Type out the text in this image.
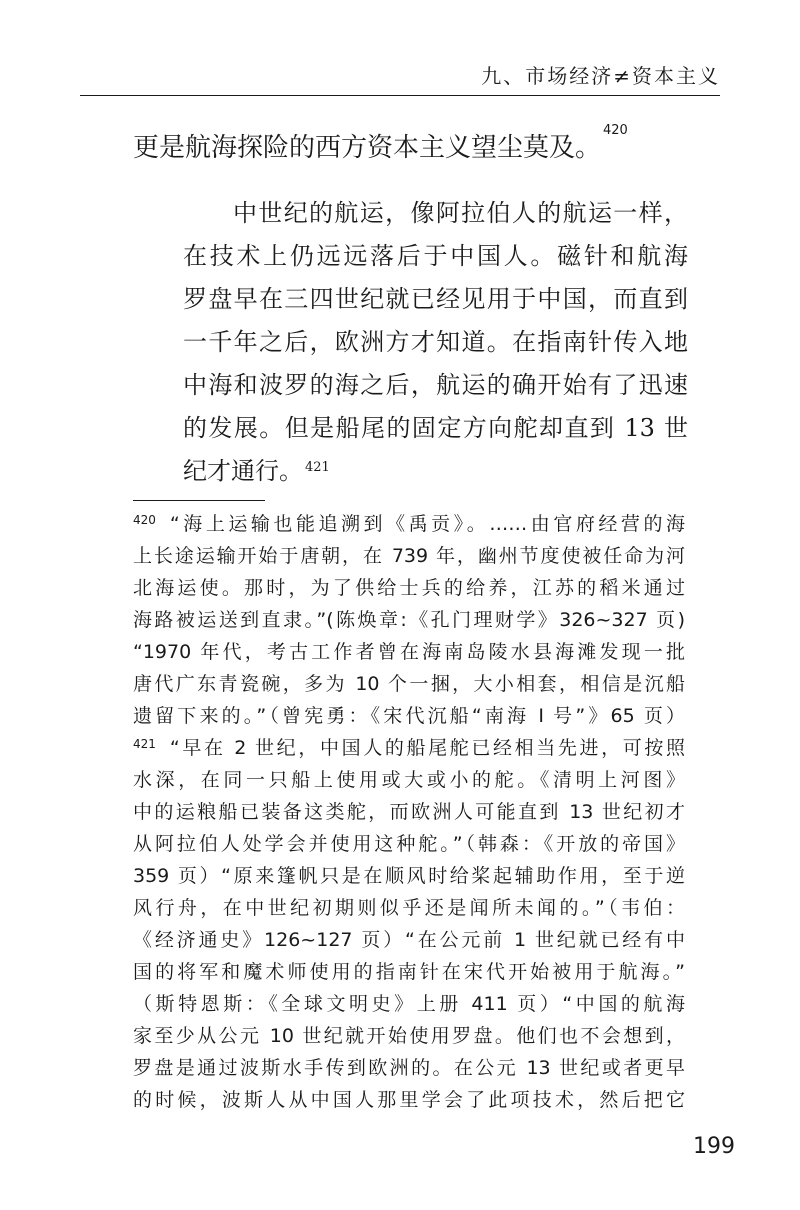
九、市场经济≠资本主义
更是航海探险的西方资本主义望尘莫及。$^{420}$
中世纪的航运，像阿拉伯人的航运一样，
在技术上仍远远落后于中国人。磁针和航海
罗盘早在三四世纪就已经见用于中国，而直到
一千年之后，欧洲方才知道。在指南针传入地
中海和波罗的海之后，航运的确开始有了迅速
的发展。但是船尾的固定方向舵却直到 13 世
纪才通行。 $^{421}$
$^{420}$ “海上运输也能追溯到《禹贡》。……由官府经营的海
上长途运输开始于唐朝，在 739 年，幽州节度使被任命为河
北海运使。那时，为了供给士兵的给养，江苏的稻米通过
海路被运送到直隶。”(陈焕章:《孔门理财学》326~327 页)
“1970 年代，考古工作者曾在海南岛陵水县海滩发现一批
唐代广东青瓷碗，多为 10 个一捆，大小相套，相信是沉船
遗留下来的。”（曾宪勇：《宋代沉船“南海 I 号”》65 页）
$^{421}$ “早在 2 世纪，中国人的船尾舵已经相当先进，可按照
水深，在同一只船上使用或大或小的舵。《清明上河图》
中的运粮船已装备这类舵，而欧洲人可能直到 13 世纪初才
从阿拉伯人处学会并使用这种舵。”（韩森：《开放的帝国》
359 页）“原来篷帆只是在顺风时给桨起辅助作用，至于逆
风行舟，在中世纪初期则似乎还是闻所未闻的。”（韦伯：
《经济通史》126~127 页）“在公元前 1 世纪就已经有中
国的将军和魔术师使用的指南针在宋代开始被用于航海。”
（斯特恩斯：《全球文明史》上册 411 页）“中国的航海
家至少从公元 10 世纪就开始使用罗盘。他们也不会想到，
罗盘是通过波斯水手传到欧洲的。在公元 13 世纪或者更早
的时候，波斯人从中国人那里学会了此项技术，然后把它
199
